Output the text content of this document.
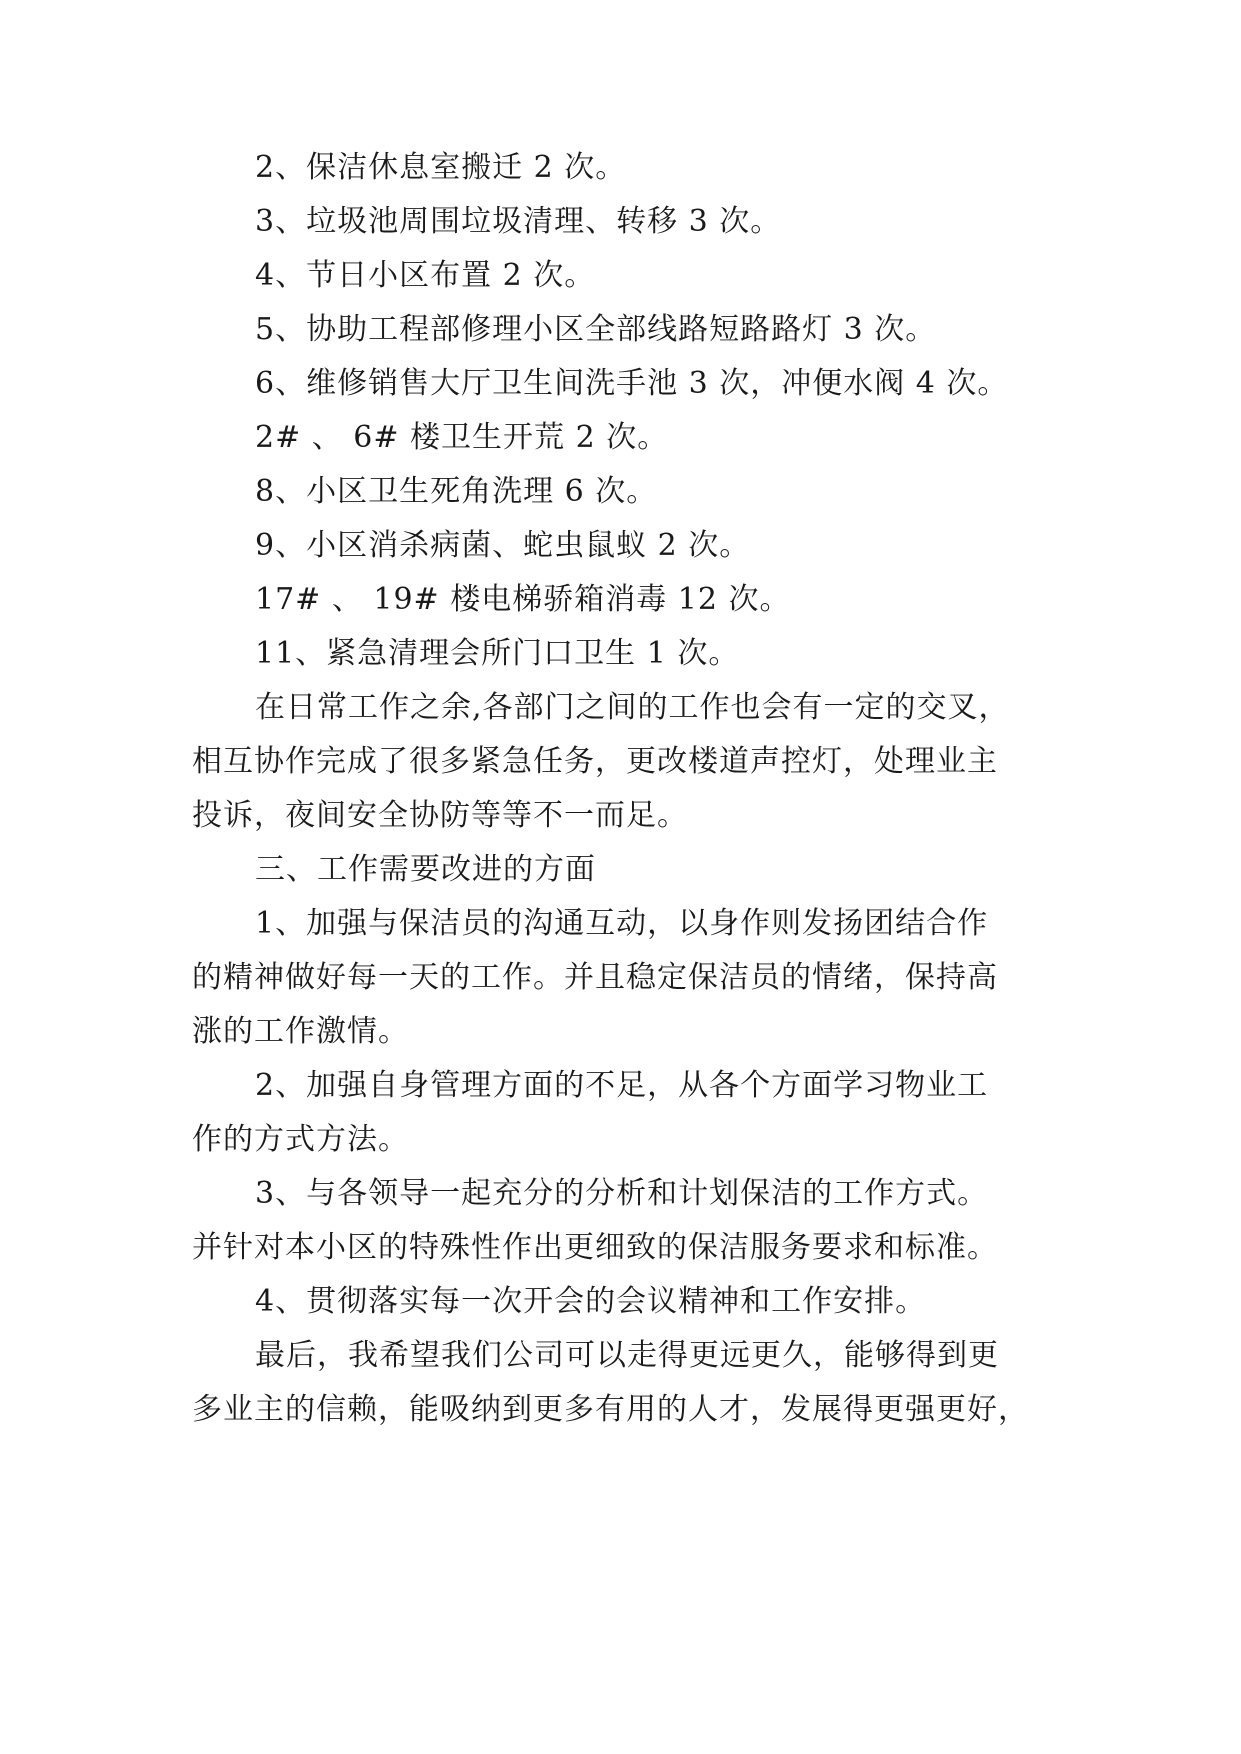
2、保洁休息室搬迁 2 次。
3、垃圾池周围垃圾清理、转移 3 次。
4、节日小区布置 2 次。
5、协助工程部修理小区全部线路短路路灯 3 次。
6、维修销售大厅卫生间洗手池 3 次，冲便水阀 4 次。
2# 、 6# 楼卫生开荒 2 次。
8、小区卫生死角洗理 6 次。
9、小区消杀病菌、蛇虫鼠蚁 2 次。
17# 、 19# 楼电梯骄箱消毒 12 次。
11、紧急清理会所门口卫生 1 次。
在日常工作之余,各部门之间的工作也会有一定的交叉，
相互协作完成了很多紧急任务，更改楼道声控灯，处理业主
投诉，夜间安全协防等等不一而足。
三、工作需要改进的方面
1、加强与保洁员的沟通互动，以身作则发扬团结合作
的精神做好每一天的工作。并且稳定保洁员的情绪，保持高
涨的工作激情。
2、加强自身管理方面的不足，从各个方面学习物业工
作的方式方法。
3、与各领导一起充分的分析和计划保洁的工作方式。
并针对本小区的特殊性作出更细致的保洁服务要求和标准。
4、贯彻落实每一次开会的会议精神和工作安排。
最后，我希望我们公司可以走得更远更久，能够得到更
多业主的信赖，能吸纳到更多有用的人才，发展得更强更好，
